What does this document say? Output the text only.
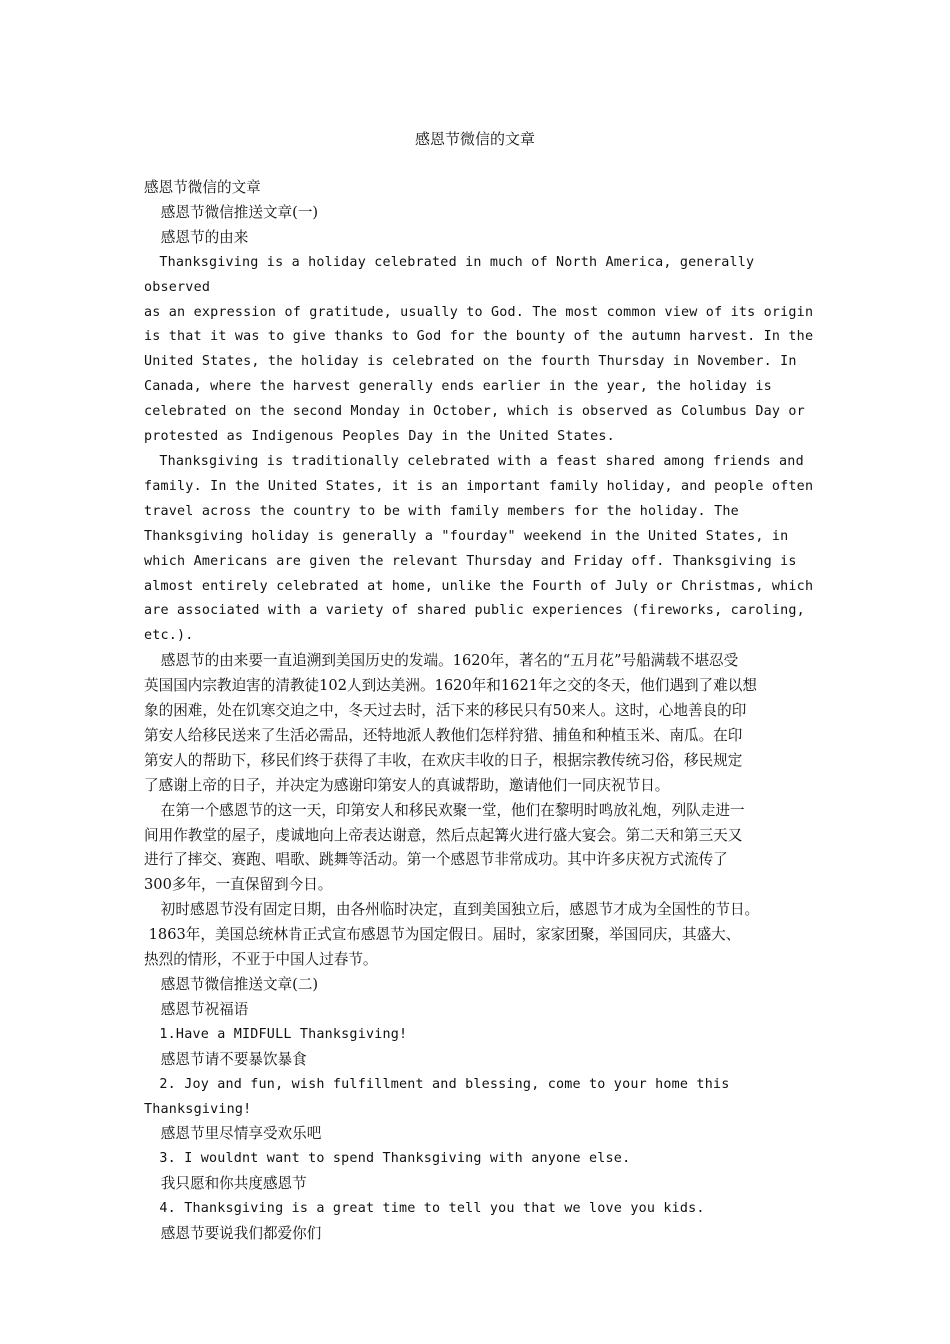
感恩节微信的文章

感恩节微信的文章

感恩节微信推送文章(一)

感恩节的由来

Thanksgiving is a holiday celebrated in much of North America, generally observed

as an expression of gratitude, usually to God. The most common view of its origin

is that it was to give thanks to God for the bounty of the autumn harvest. In the

United States, the holiday is celebrated on the fourth Thursday in November. In

Canada, where the harvest generally ends earlier in the year, the holiday is

celebrated on the second Monday in October, which is observed as Columbus Day or

protested as Indigenous Peoples Day in the United States.

Thanksgiving is traditionally celebrated with a feast shared among friends and

family. In the United States, it is an important family holiday, and people often

travel across the country to be with family members for the holiday. The

Thanksgiving holiday is generally a "fourday" weekend in the United States, in

which Americans are given the relevant Thursday and Friday off. Thanksgiving is

almost entirely celebrated at home, unlike the Fourth of July or Christmas, which

are associated with a variety of shared public experiences (fireworks, caroling,

etc.).

感恩节的由来要一直追溯到美国历史的发端。1620年，著名的“五月花”号船满载不堪忍受

英国国内宗教迫害的清教徒102人到达美洲。1620年和1621年之交的冬天，他们遇到了难以想

象的困难，处在饥寒交迫之中，冬天过去时，活下来的移民只有50来人。这时，心地善良的印

第安人给移民送来了生活必需品，还特地派人教他们怎样狩猎、捕鱼和种植玉米、南瓜。在印

第安人的帮助下，移民们终于获得了丰收，在欢庆丰收的日子，根据宗教传统习俗，移民规定

了感谢上帝的日子，并决定为感谢印第安人的真诚帮助，邀请他们一同庆祝节日。

在第一个感恩节的这一天，印第安人和移民欢聚一堂，他们在黎明时鸣放礼炮，列队走进一

间用作教堂的屋子，虔诚地向上帝表达谢意，然后点起篝火进行盛大宴会。第二天和第三天又

进行了摔交、赛跑、唱歌、跳舞等活动。第一个感恩节非常成功。其中许多庆祝方式流传了

300多年，一直保留到今日。

初时感恩节没有固定日期，由各州临时决定，直到美国独立后，感恩节才成为全国性的节日。

1863年，美国总统林肯正式宣布感恩节为国定假日。届时，家家团聚，举国同庆，其盛大、

热烈的情形，不亚于中国人过春节。

感恩节微信推送文章(二)

感恩节祝福语

1.Have a MIDFULL Thanksgiving!

感恩节请不要暴饮暴食

2. Joy and fun, wish fulfillment and blessing, come to your home this

Thanksgiving!

感恩节里尽情享受欢乐吧

3. I wouldnt want to spend Thanksgiving with anyone else.

我只愿和你共度感恩节

4. Thanksgiving is a great time to tell you that we love you kids.

感恩节要说我们都爱你们
